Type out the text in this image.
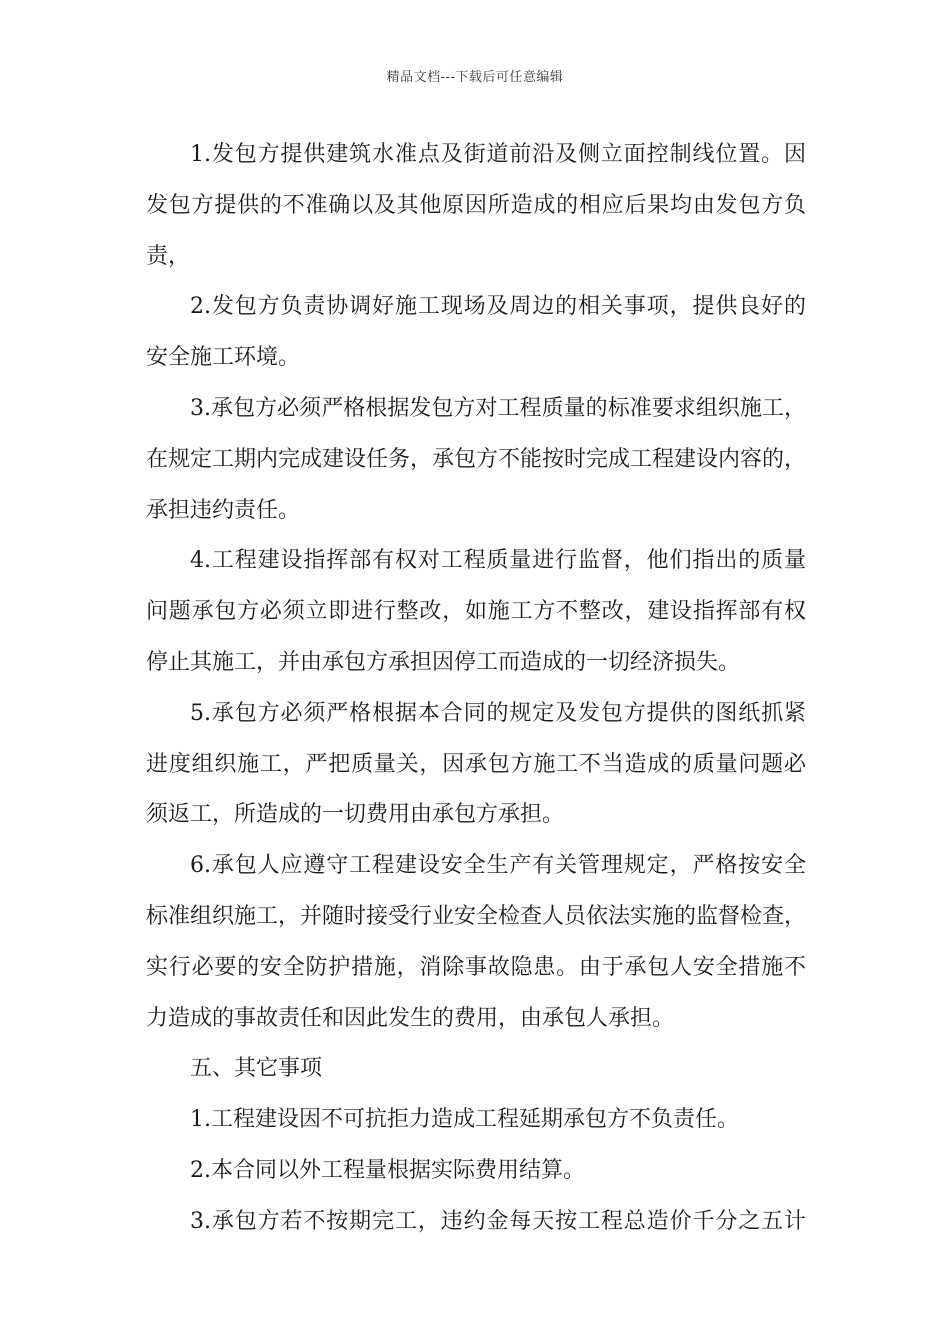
精品文档---下载后可任意编辑
1.发包方提供建筑水准点及街道前沿及侧立面控制线位置。因
发包方提供的不准确以及其他原因所造成的相应后果均由发包方负
责，
2.发包方负责协调好施工现场及周边的相关事项，提供良好的
安全施工环境。
3.承包方必须严格根据发包方对工程质量的标准要求组织施工，
在规定工期内完成建设任务，承包方不能按时完成工程建设内容的，
承担违约责任。
4.工程建设指挥部有权对工程质量进行监督，他们指出的质量
问题承包方必须立即进行整改，如施工方不整改，建设指挥部有权
停止其施工，并由承包方承担因停工而造成的一切经济损失。
5.承包方必须严格根据本合同的规定及发包方提供的图纸抓紧
进度组织施工，严把质量关，因承包方施工不当造成的质量问题必
须返工，所造成的一切费用由承包方承担。
6.承包人应遵守工程建设安全生产有关管理规定，严格按安全
标准组织施工，并随时接受行业安全检查人员依法实施的监督检查，
实行必要的安全防护措施，消除事故隐患。由于承包人安全措施不
力造成的事故责任和因此发生的费用，由承包人承担。
五、其它事项
1.工程建设因不可抗拒力造成工程延期承包方不负责任。
2.本合同以外工程量根据实际费用结算。
3.承包方若不按期完工，违约金每天按工程总造价千分之五计
